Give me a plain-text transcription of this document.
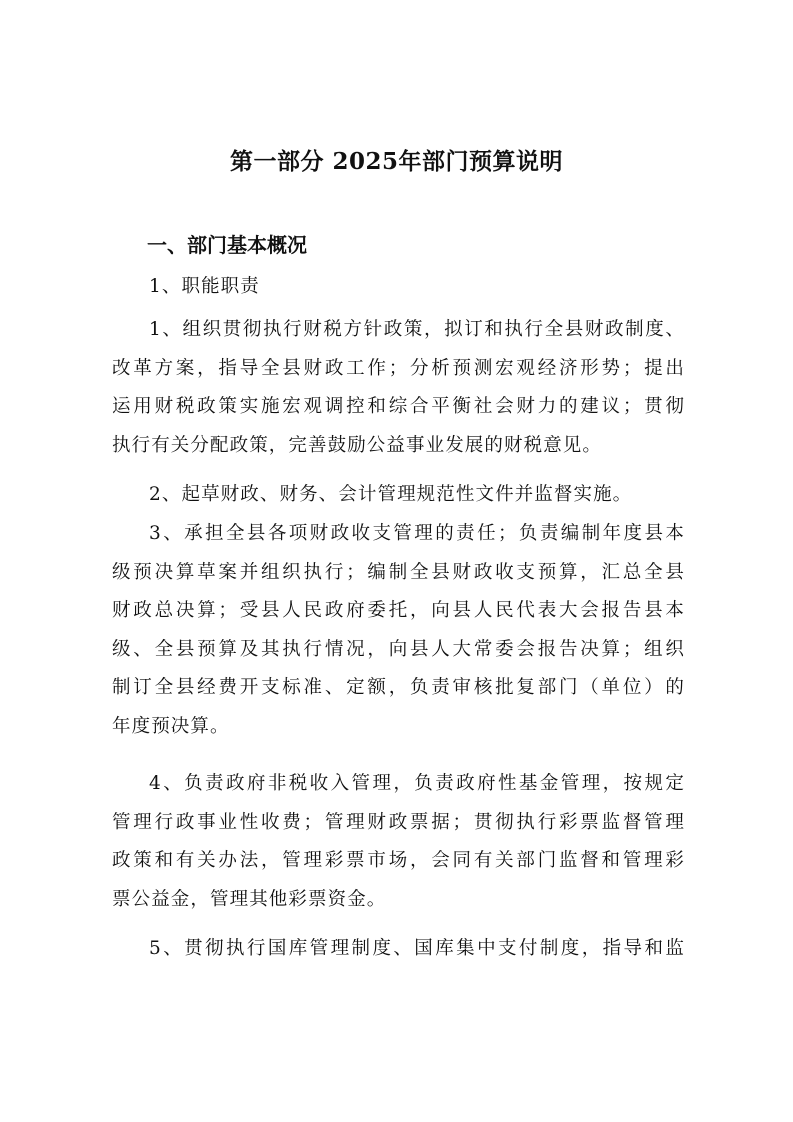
第一部分 2025年部门预算说明
一、部门基本概况
1、职能职责
1、组织贯彻执行财税方针政策，拟订和执行全县财政制度、
改革方案，指导全县财政工作；分析预测宏观经济形势；提出
运用财税政策实施宏观调控和综合平衡社会财力的建议；贯彻
执行有关分配政策，完善鼓励公益事业发展的财税意见。
2、起草财政、财务、会计管理规范性文件并监督实施。
3、承担全县各项财政收支管理的责任；负责编制年度县本
级预决算草案并组织执行；编制全县财政收支预算，汇总全县
财政总决算；受县人民政府委托，向县人民代表大会报告县本
级、全县预算及其执行情况，向县人大常委会报告决算；组织
制订全县经费开支标准、定额，负责审核批复部门（单位）的
年度预决算。
4、负责政府非税收入管理，负责政府性基金管理，按规定
管理行政事业性收费；管理财政票据；贯彻执行彩票监督管理
政策和有关办法，管理彩票市场，会同有关部门监督和管理彩
票公益金，管理其他彩票资金。
5、贯彻执行国库管理制度、国库集中支付制度，指导和监
